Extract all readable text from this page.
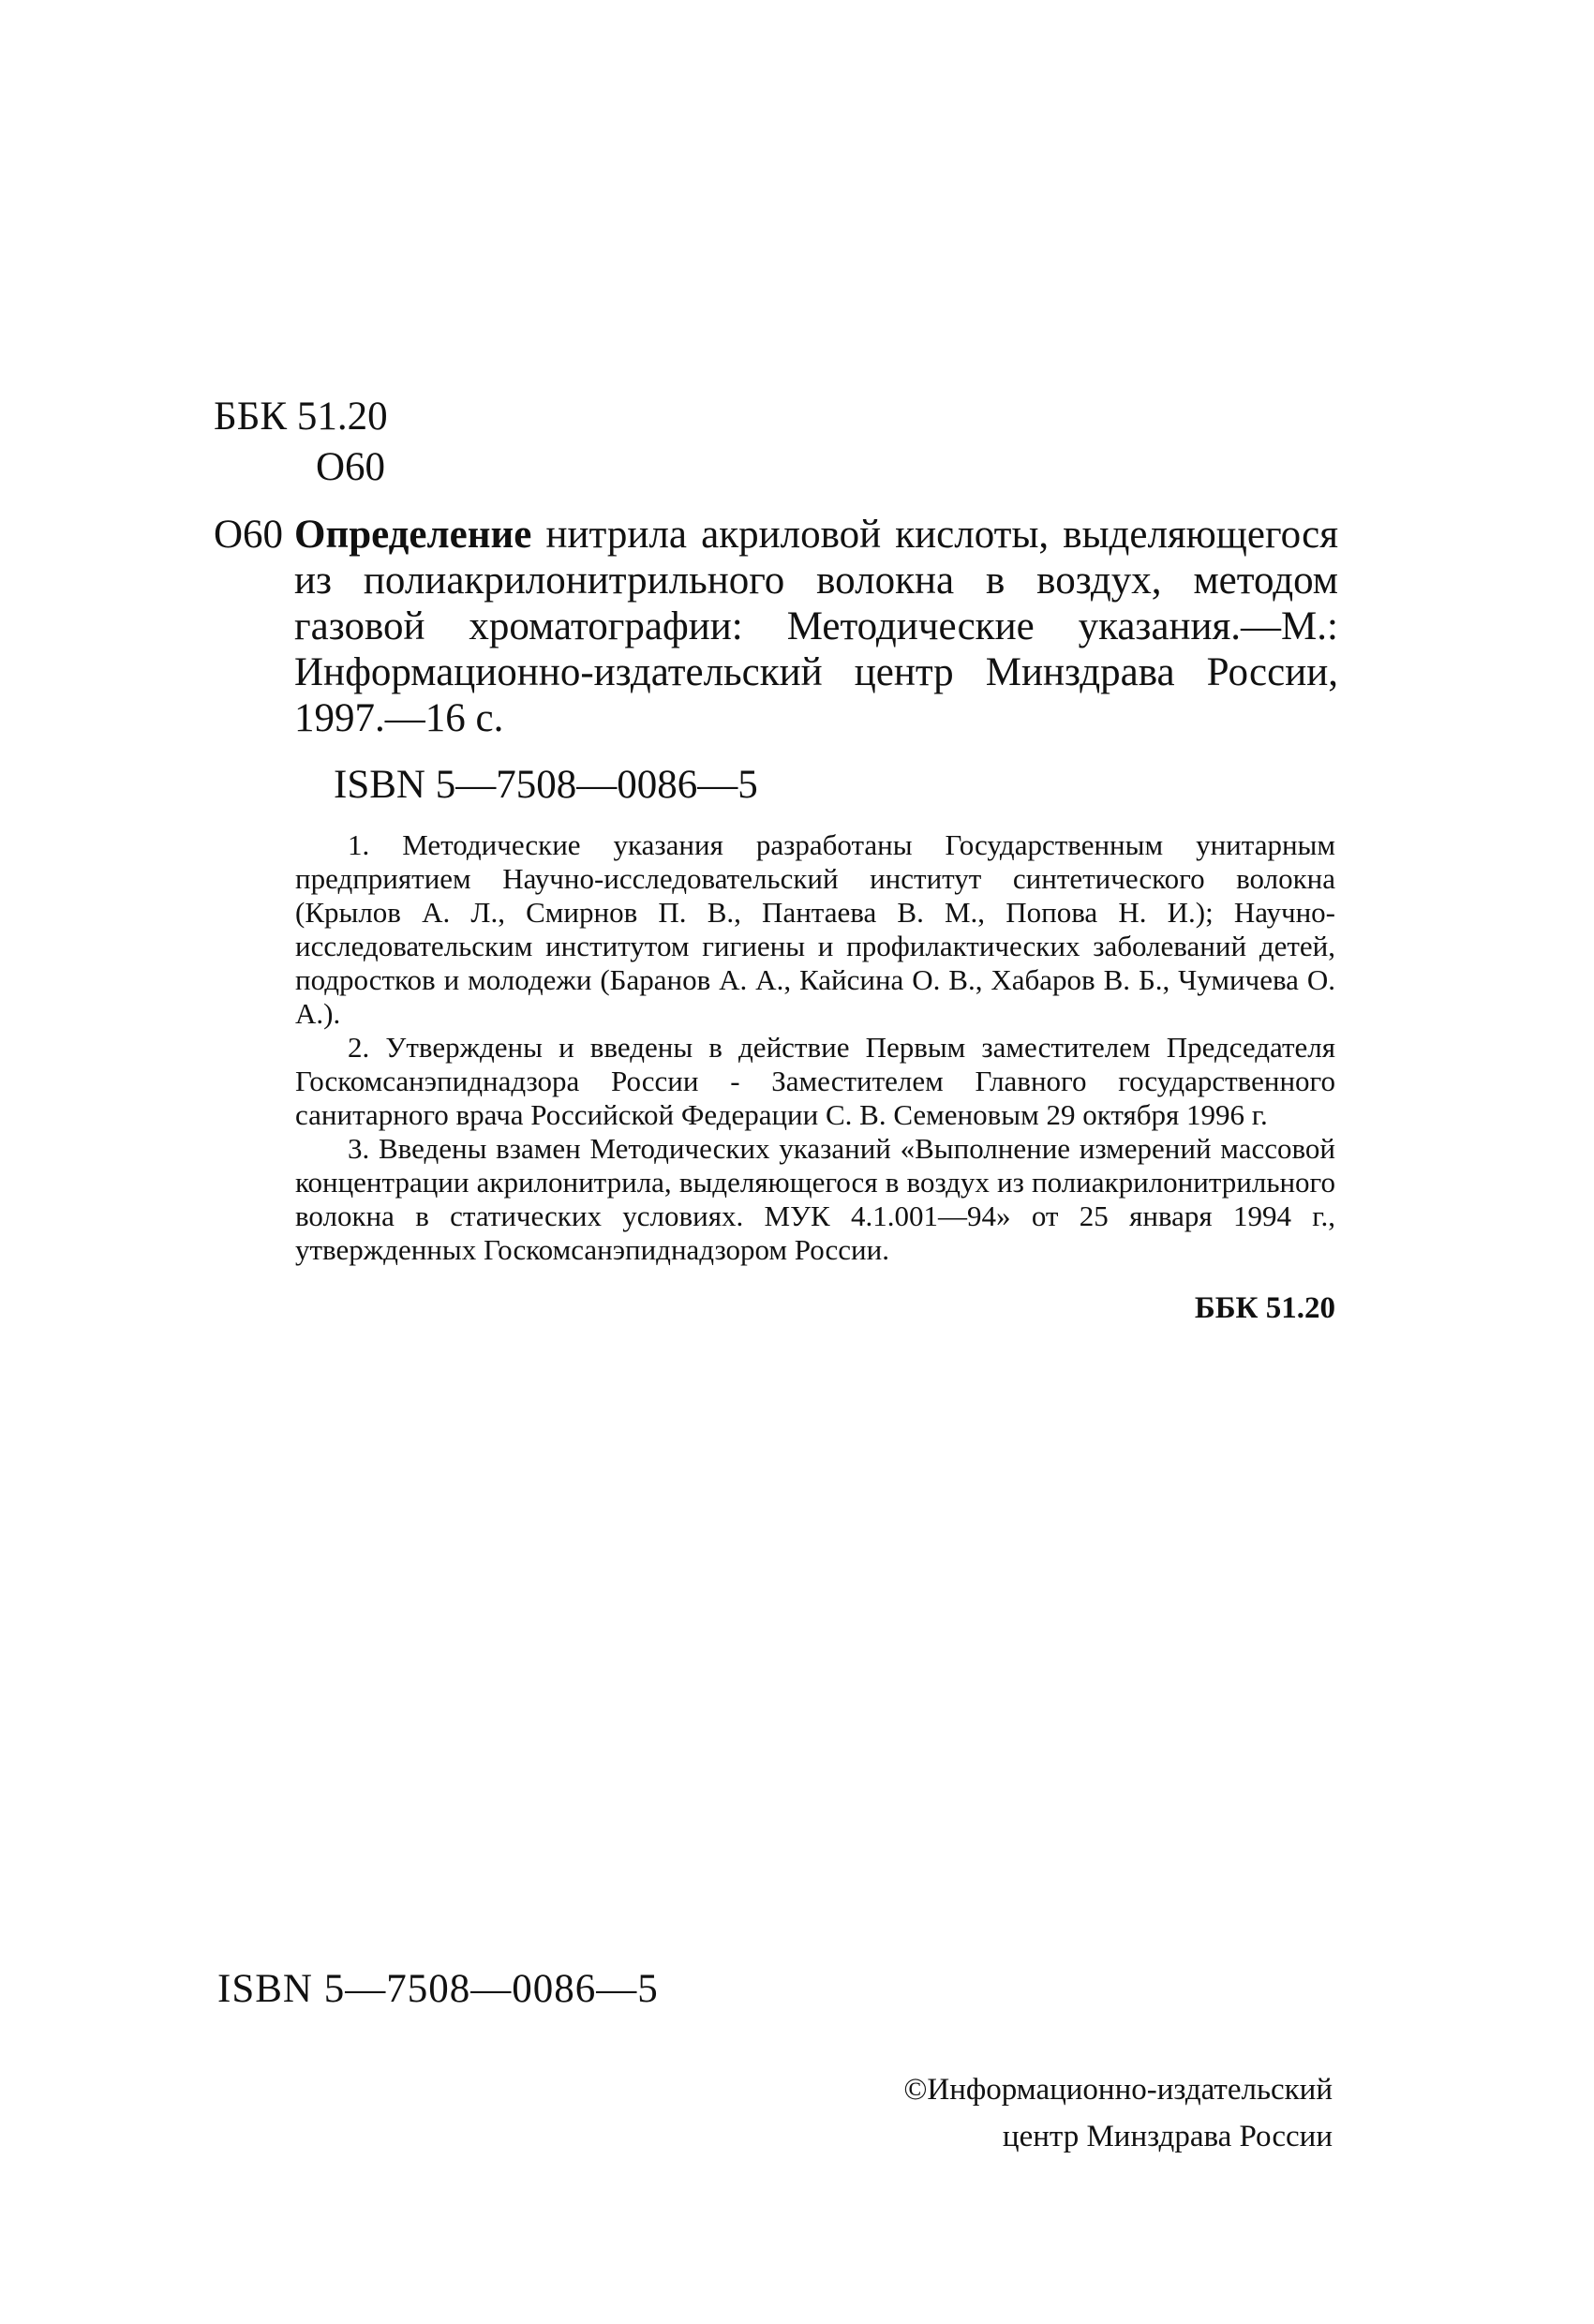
ББК 51.20
О60
О60 Определение нитрила акриловой кислоты, выделяющегося из полиакрилонитрильного волокна в воздух, методом газовой хроматографии: Методические указания.—М.: Информационно-издательский центр Минздрава России, 1997.—16 с.
ISBN 5—7508—0086—5

1. Методические указания разработаны Государственным унитарным предприятием Научно-исследовательский институт синтетического волокна (Крылов А. Л., Смирнов П. В., Пантаева В. М., Попова Н. И.); Научно-исследовательским институтом гигиены и профилактических заболеваний детей, подростков и молодежи (Баранов А. А., Кайсина О. В., Хабаров В. Б., Чумичева О. А.).

2. Утверждены и введены в действие Первым заместителем Председателя Госкомсанэпиднадзора России - Заместителем Главного государственного санитарного врача Российской Федерации С. В. Семеновым 29 октября 1996 г.

3. Введены взамен Методических указаний «Выполнение измерений массовой концентрации акрилонитрила, выделяющегося в воздух из полиакрилонитрильного волокна в статических условиях. МУК 4.1.001—94» от 25 января 1994 г., утвержденных Госкомсанэпиднадзором России.

ББК 51.20
ISBN 5—7508—0086—5
©Информационно-издательский
центр Минздрава России
